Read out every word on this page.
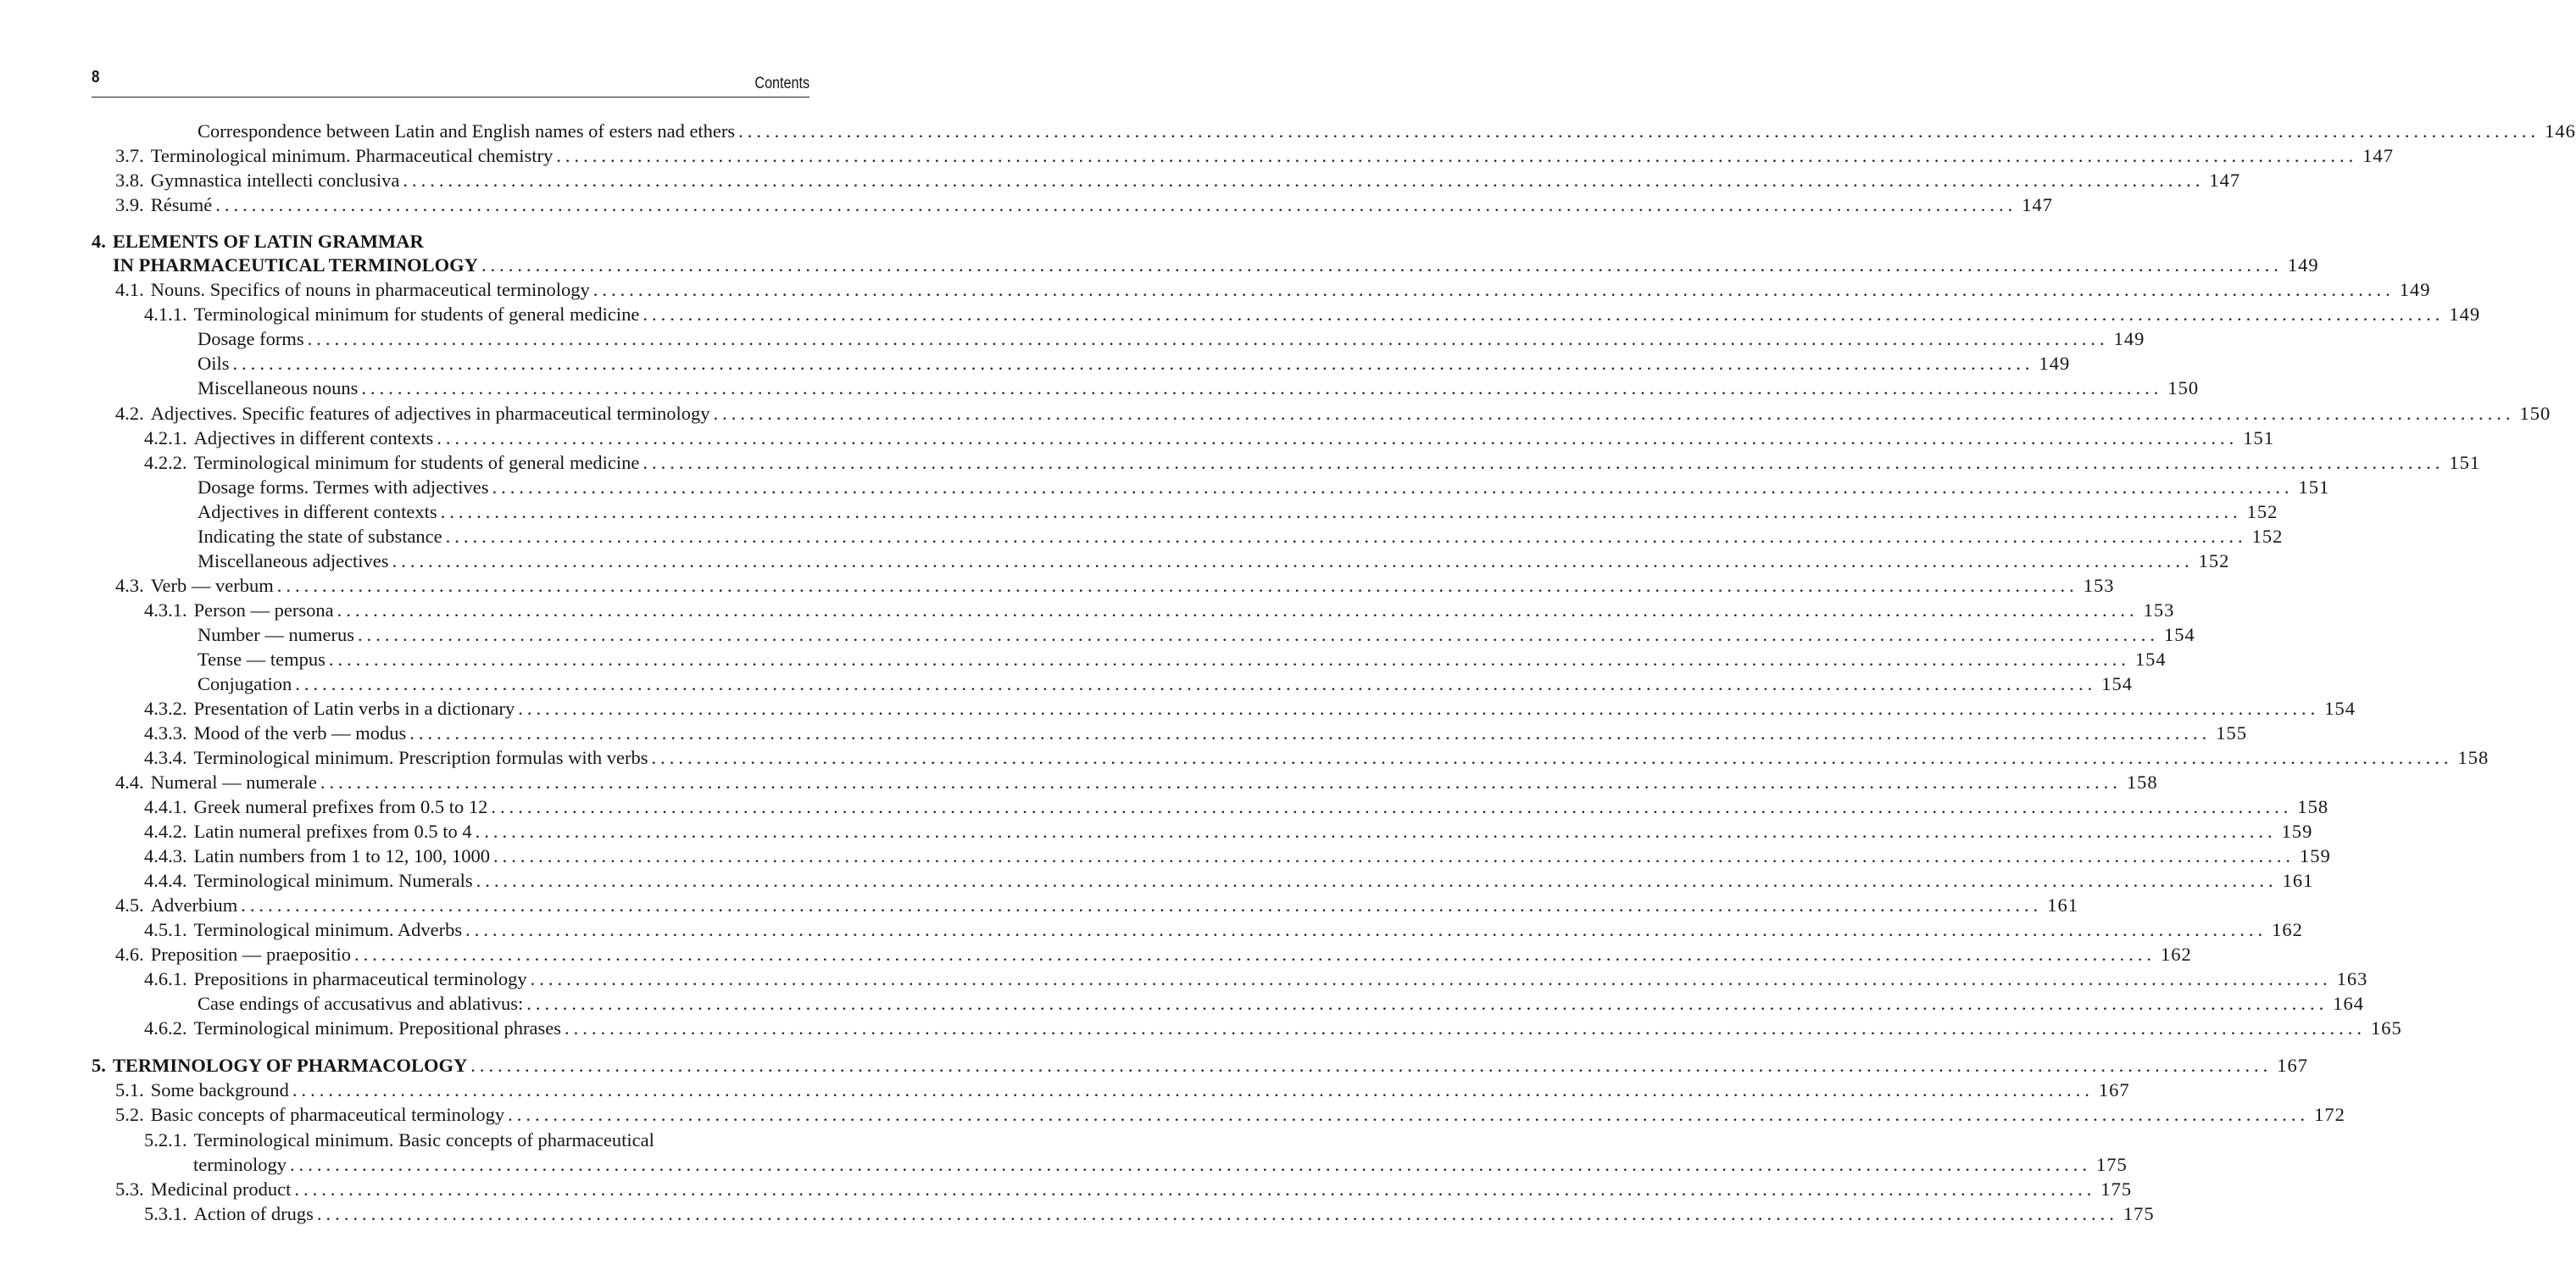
8	Contents
Correspondence between Latin and English names of esters nad ethers ........................................................................................................................................................................................................ 146
3.7. Terminological minimum. Pharmaceutical chemistry ........................................................................................................................................................................................................ 147
3.8. Gymnastica intellecti conclusiva ........................................................................................................................................................................................................ 147
3.9. Résumé ........................................................................................................................................................................................................ 147
4. ELEMENTS OF LATIN GRAMMAR
IN PHARMACEUTICAL TERMINOLOGY ........................................................................................................................................................................................................ 149
4.1. Nouns. Specifics of nouns in pharmaceutical terminology ........................................................................................................................................................................................................ 149
4.1.1. Terminological minimum for students of general medicine ........................................................................................................................................................................................................ 149
Dosage forms ........................................................................................................................................................................................................ 149
Oils ........................................................................................................................................................................................................ 149
Miscellaneous nouns ........................................................................................................................................................................................................ 150
4.2. Adjectives. Specific features of adjectives in pharmaceutical terminology ........................................................................................................................................................................................................ 150
4.2.1. Adjectives in different contexts ........................................................................................................................................................................................................ 151
4.2.2. Terminological minimum for students of general medicine ........................................................................................................................................................................................................ 151
Dosage forms. Termes with adjectives ........................................................................................................................................................................................................ 151
Adjectives in different contexts ........................................................................................................................................................................................................ 152
Indicating the state of substance ........................................................................................................................................................................................................ 152
Miscellaneous adjectives ........................................................................................................................................................................................................ 152
4.3. Verb — verbum ........................................................................................................................................................................................................ 153
4.3.1. Person — persona ........................................................................................................................................................................................................ 153
Number — numerus ........................................................................................................................................................................................................ 154
Tense — tempus ........................................................................................................................................................................................................ 154
Conjugation ........................................................................................................................................................................................................ 154
4.3.2. Presentation of Latin verbs in a dictionary ........................................................................................................................................................................................................ 154
4.3.3. Mood of the verb — modus ........................................................................................................................................................................................................ 155
4.3.4. Terminological minimum. Prescription formulas with verbs ........................................................................................................................................................................................................ 158
4.4. Numeral — numerale ........................................................................................................................................................................................................ 158
4.4.1. Greek numeral prefixes from 0.5 to 12 ........................................................................................................................................................................................................ 158
4.4.2. Latin numeral prefixes from 0.5 to 4 ........................................................................................................................................................................................................ 159
4.4.3. Latin numbers from 1 to 12, 100, 1000 ........................................................................................................................................................................................................ 159
4.4.4. Terminological minimum. Numerals ........................................................................................................................................................................................................ 161
4.5. Adverbium ........................................................................................................................................................................................................ 161
4.5.1. Terminological minimum. Adverbs ........................................................................................................................................................................................................ 162
4.6. Preposition — praepositio ........................................................................................................................................................................................................ 162
4.6.1. Prepositions in pharmaceutical terminology ........................................................................................................................................................................................................ 163
Case endings of accusativus and ablativus: ........................................................................................................................................................................................................ 164
4.6.2. Terminological minimum. Prepositional phrases ........................................................................................................................................................................................................ 165
5. TERMINOLOGY OF PHARMACOLOGY ........................................................................................................................................................................................................ 167
5.1. Some background ........................................................................................................................................................................................................ 167
5.2. Basic concepts of pharmaceutical terminology ........................................................................................................................................................................................................ 172
5.2.1. Terminological minimum. Basic concepts of pharmaceutical
terminology ........................................................................................................................................................................................................ 175
5.3. Medicinal product ........................................................................................................................................................................................................ 175
5.3.1. Action of drugs ........................................................................................................................................................................................................ 175
